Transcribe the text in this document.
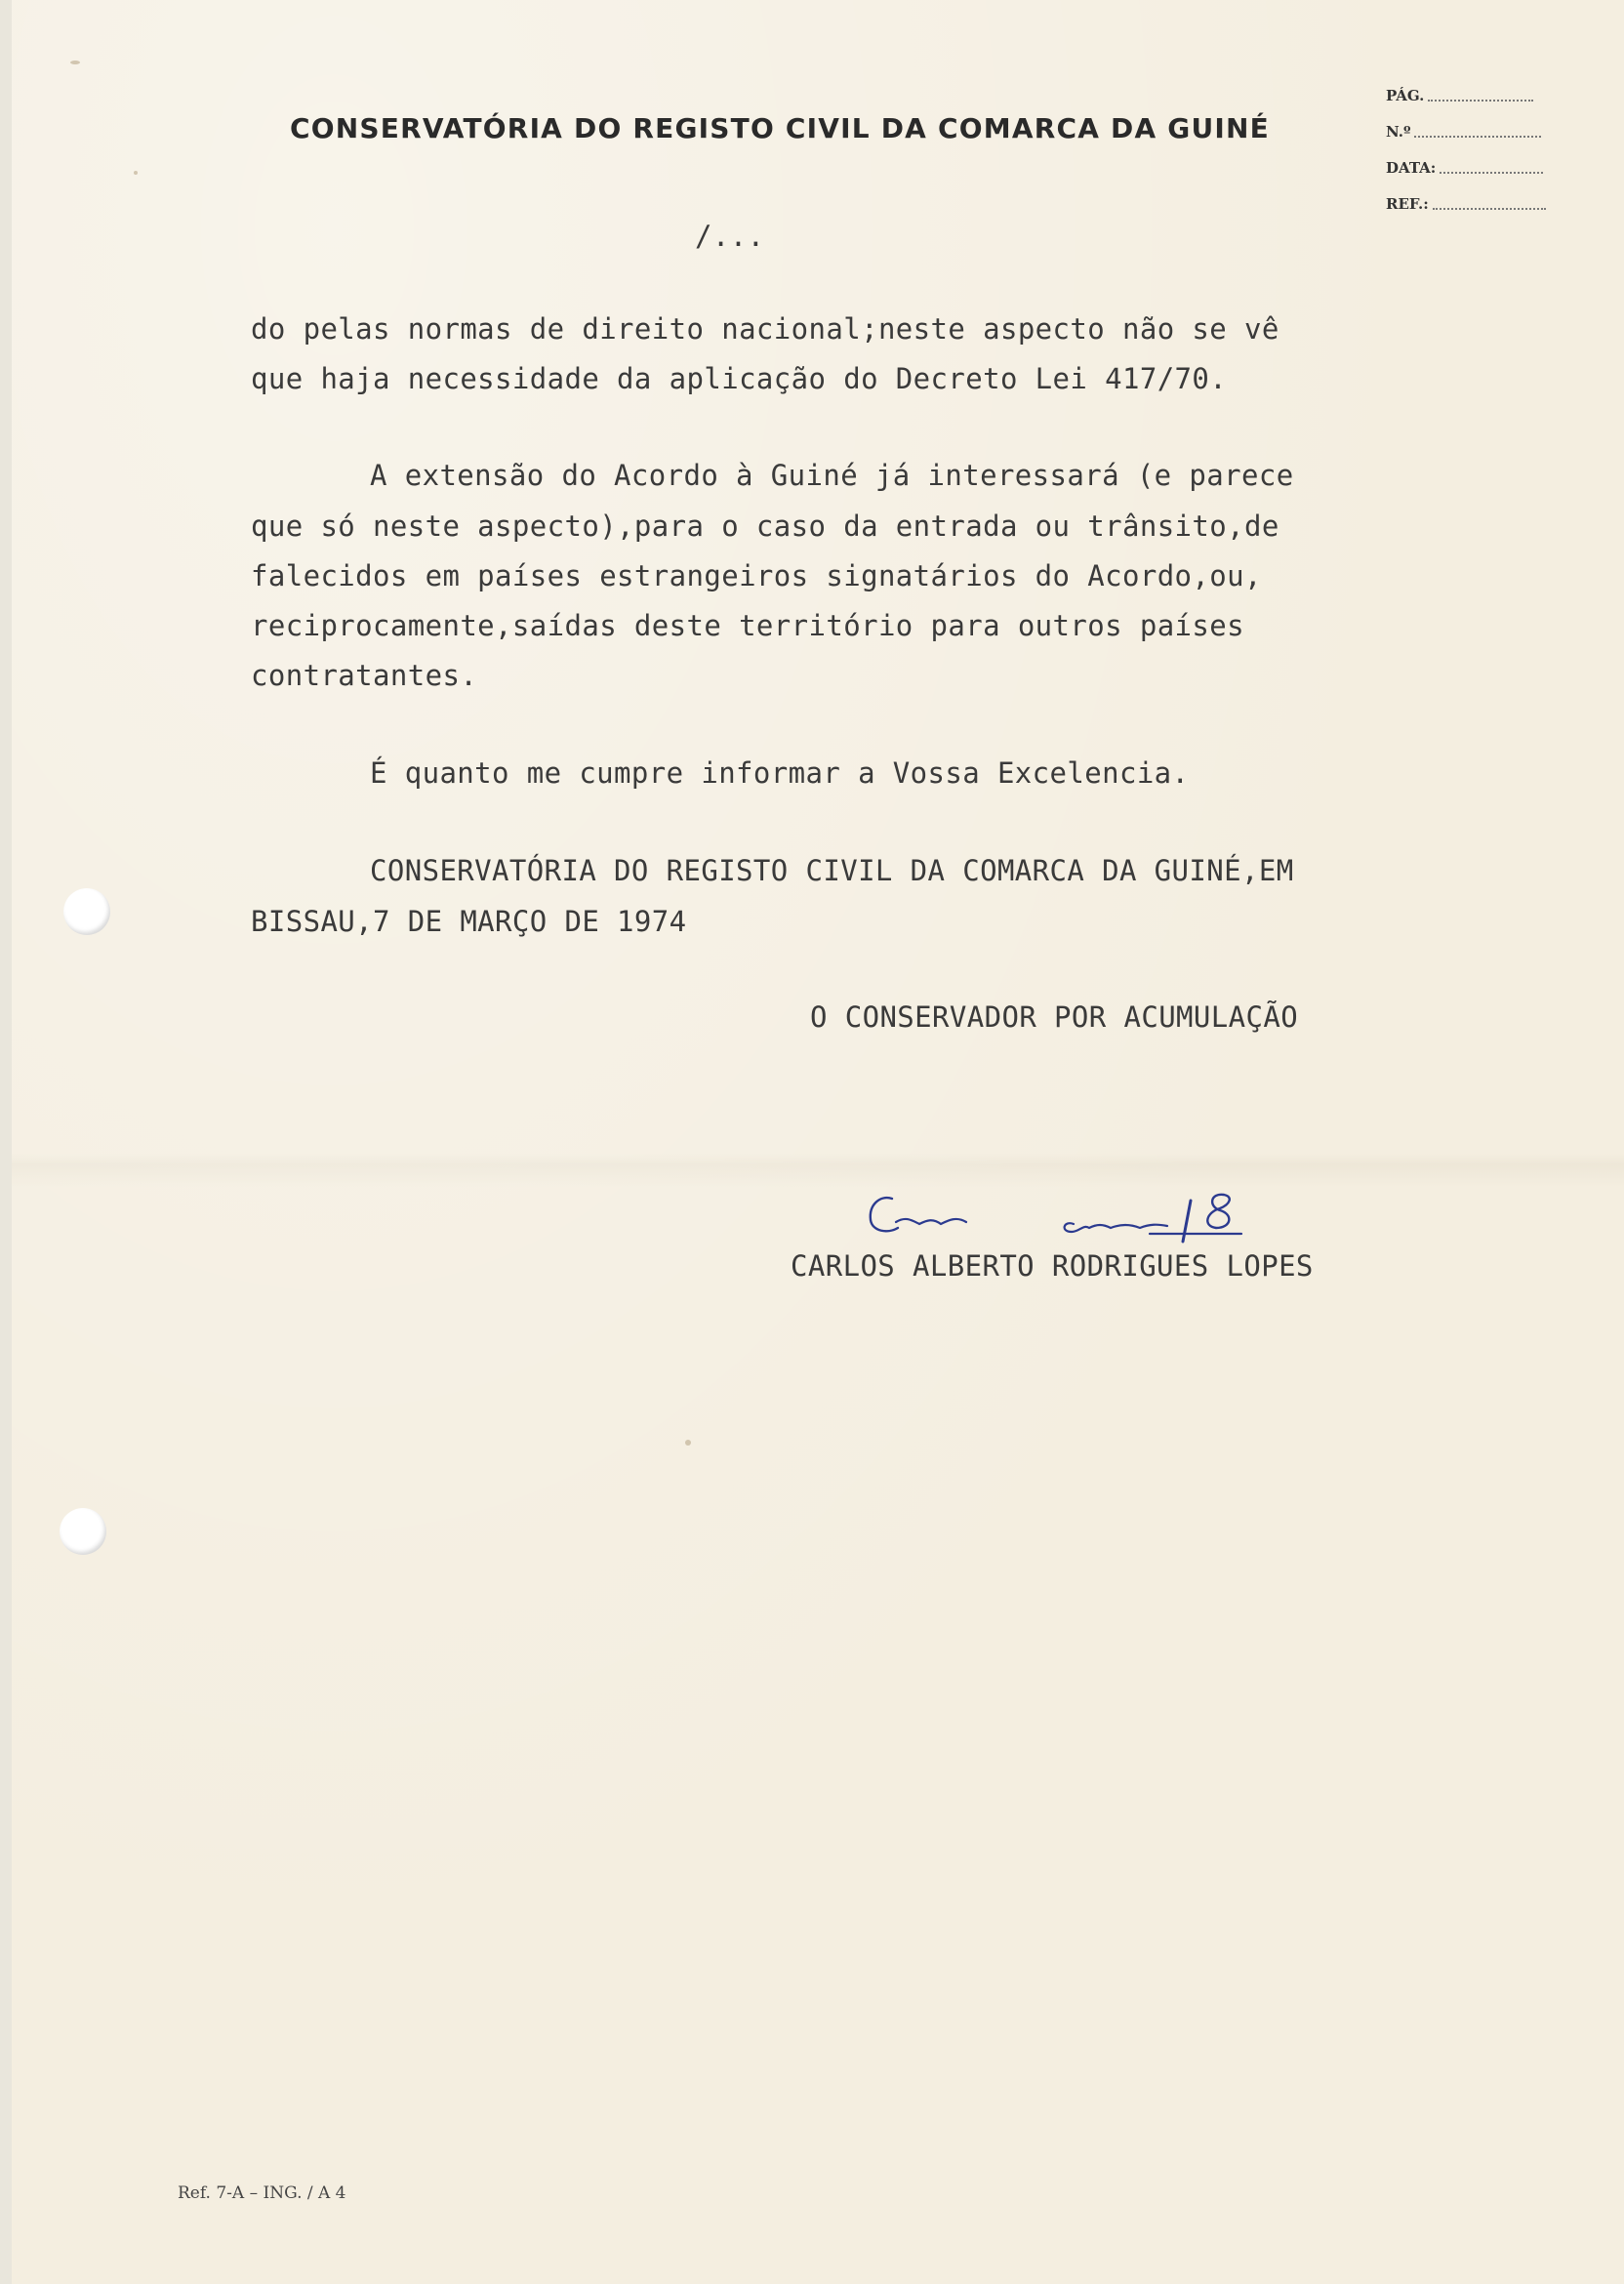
CONSERVATÓRIA DO REGISTO CIVIL DA COMARCA DA GUINÉ
PÁG.
N.º
DATA:
REF.:
/...

do pelas normas de direito nacional;neste aspecto não se vê

que haja necessidade da aplicação do Decreto Lei 417/70.

A extensão do Acordo à Guiné já interessará (e parece

que só neste aspecto),para o caso da entrada ou trânsito,de

falecidos em países estrangeiros signatários do Acordo,ou,

reciprocamente,saídas deste território para outros países

contratantes.

É quanto me cumpre informar a Vossa Excelencia.

CONSERVATÓRIA DO REGISTO CIVIL DA COMARCA DA GUINÉ,EM

BISSAU,7 DE MARÇO DE 1974

O CONSERVADOR POR ACUMULAÇÃO
CARLOS ALBERTO RODRIGUES LOPES
Ref. 7-A – ING. / A 4
